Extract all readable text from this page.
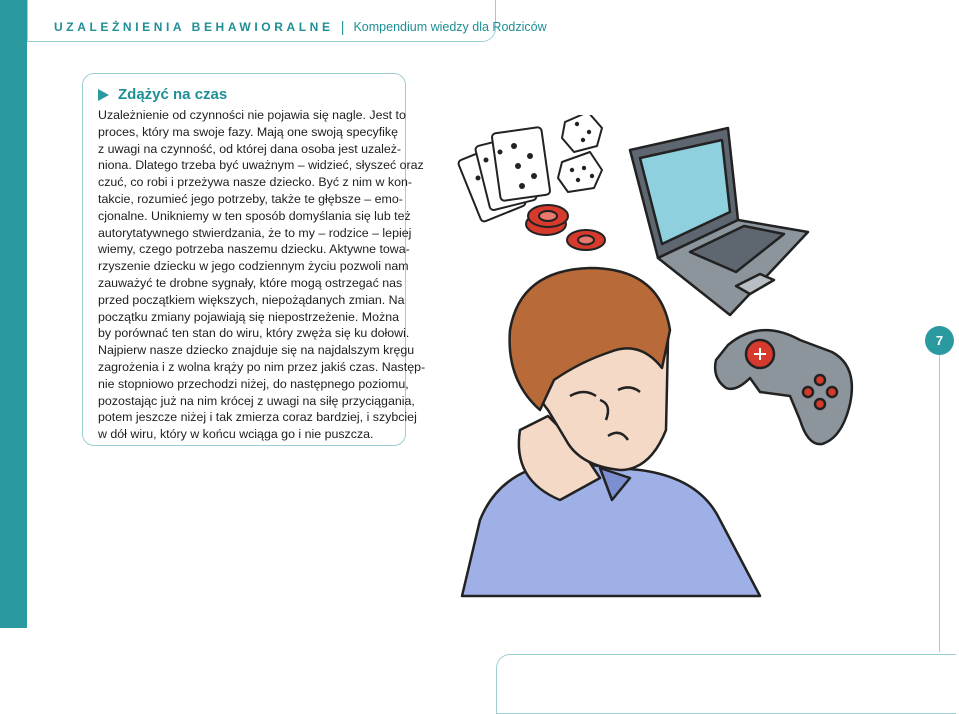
UZALEŻNIENIA BEHAWIORALNE | Kompendium wiedzy dla Rodziców
Zdążyć na czas
Uzależnienie od czynności nie pojawia się nagle. Jest to
proces, który ma swoje fazy. Mają one swoją specyfikę
z uwagi na czynność, od której dana osoba jest uzależ-
niona. Dlatego trzeba być uważnym – widzieć, słyszeć oraz
czuć, co robi i przeżywa nasze dziecko. Być z nim w kon-
takcie, rozumieć jego potrzeby, także te głębsze – emo-
cjonalne. Unikniemy w ten sposób domyślania się lub też
autorytatywnego stwierdzania, że to my – rodzice – lepiej
wiemy, czego potrzeba naszemu dziecku. Aktywne towa-
rzyszenie dziecku w jego codziennym życiu pozwoli nam
zauważyć te drobne sygnały, które mogą ostrzegać nas
przed początkiem większych, niepożądanych zmian. Na
początku zmiany pojawiają się niepostrzeżenie. Można
by porównać ten stan do wiru, który zwęża się ku dołowi.
Najpierw nasze dziecko znajduje się na najdalszym kręgu
zagrożenia i z wolna krąży po nim przez jakiś czas. Następ-
nie stopniowo przechodzi niżej, do następnego poziomu,
pozostając już na nim krócej z uwagi na siłę przyciągania,
potem jeszcze niżej i tak zmierza coraz bardziej, i szybciej
w dół wiru, który w końcu wciąga go i nie puszcza.
7
